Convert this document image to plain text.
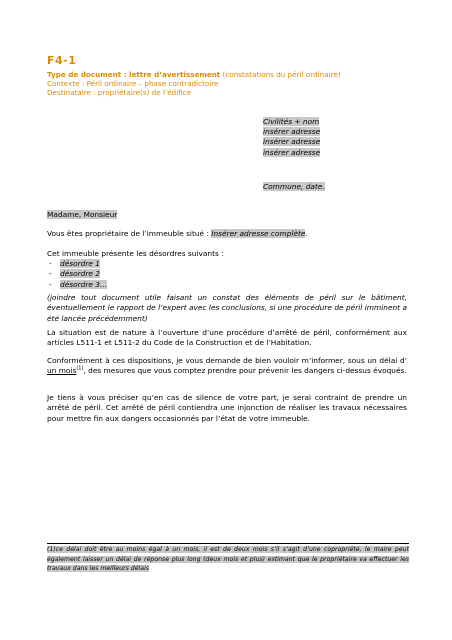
F4-1
Type de document : lettre d’avertissement (constatations du péril ordinaire)
Contexte : Péril ordinaire – phase contradictoire
Destinataire : propriétaire(s) de l’édifice
Civilités + nom
insérer adresse
insérer adresse
insérer adresse
Commune, date.
Madame, Monsieur
Vous êtes propriétaire de l’immeuble situé : Insérer adresse complète.
Cet immeuble présente les désordres suivants :
- désordre 1
- désordre 2
- désordre 3…
(joindre tout document utile faisant un constat des éléments de péril sur le bâtiment, éventuellement le rapport de l’expert avec les conclusions, si une procédure de péril imminent a été lancée précédemment)
La situation est de nature à l’ouverture d’une procédure d’arrêté de péril, conformément aux articles L511-1 et L511-2 du Code de la Construction et de l’Habitation.
Conformément à ces dispositions, je vous demande de bien vouloir m’informer, sous un délai d’ un mois$^{(1)}$, des mesures que vous comptez prendre pour prévenir les dangers ci-dessus évoqués.
Je tiens à vous préciser qu’en cas de silence de votre part, je serai contraint de prendre un arrêté de péril. Cet arrêté de péril contiendra une injonction de réaliser les travaux nécessaires pour mettre fin aux dangers occasionnés par l’état de votre immeuble.
(1)ce délai doit être au moins égal à un mois, il est de deux mois s’il s’agit d’une copropriété, le maire peut également laisser un délai de réponse plus long (deux mois et plus) estimant que le propriétaire va effectuer les travaux dans les meilleurs délais
